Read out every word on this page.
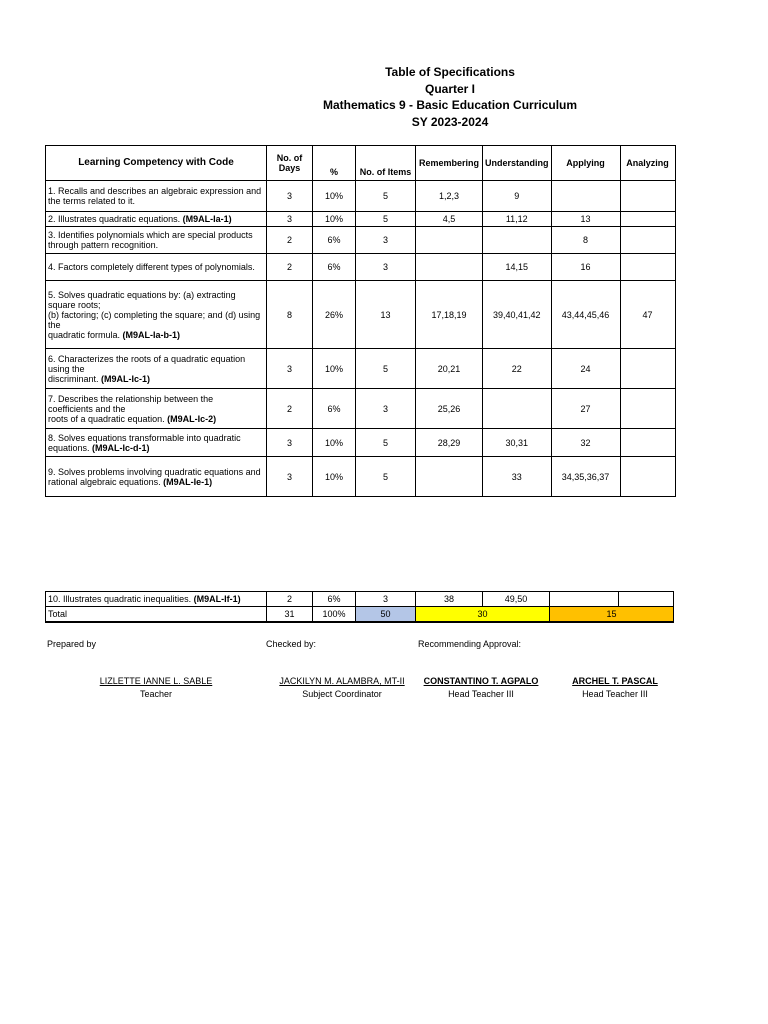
Table of Specifications
Quarter I
Mathematics 9 - Basic Education Curriculum
SY 2023-2024
Learning Competency with Code	No. of
Days	%	No. of Items	Remembering	Understanding	Applying	Analyzing
1. Recalls and describes an algebraic expression and
the terms related to it.	3	10%	5	1,2,3	9		
2. Illustrates quadratic equations. (M9AL-Ia-1)	3	10%	5	4,5	11,12	13	
3. Identifies polynomials which are special products
through pattern recognition.	2	6%	3			8	
4. Factors completely different types of polynomials.	2	6%	3		14,15	16	
5. Solves quadratic equations by: (a) extracting
square roots;
(b) factoring; (c) completing the square; and (d) using
the
quadratic formula. (M9AL-Ia-b-1)	8	26%	13	17,18,19	39,40,41,42	43,44,45,46	47
6. Characterizes the roots of a quadratic equation
using the
discriminant. (M9AL-Ic-1)	3	10%	5	20,21	22	24	
7. Describes the relationship between the
coefficients and the
roots of a quadratic equation. (M9AL-Ic-2)	2	6%	3	25,26		27	
8. Solves equations transformable into quadratic
equations. (M9AL-Ic-d-1)	3	10%	5	28,29	30,31	32	
9. Solves problems involving quadratic equations and
rational algebraic equations. (M9AL-Ie-1)	3	10%	5		33	34,35,36,37	
10. Illustrates quadratic inequalities. (M9AL-If-1)	2	6%	3	38	49,50		
Total	31	100%	50	30		15	
Prepared by	Checked by:	Recommending Approval:
LIZLETTE IANNE L. SABLE
Teacher
JACKILYN M. ALAMBRA, MT-II
Subject Coordinator
CONSTANTINO T. AGPALO
Head Teacher III
ARCHEL T. PASCAL
Head Teacher III
